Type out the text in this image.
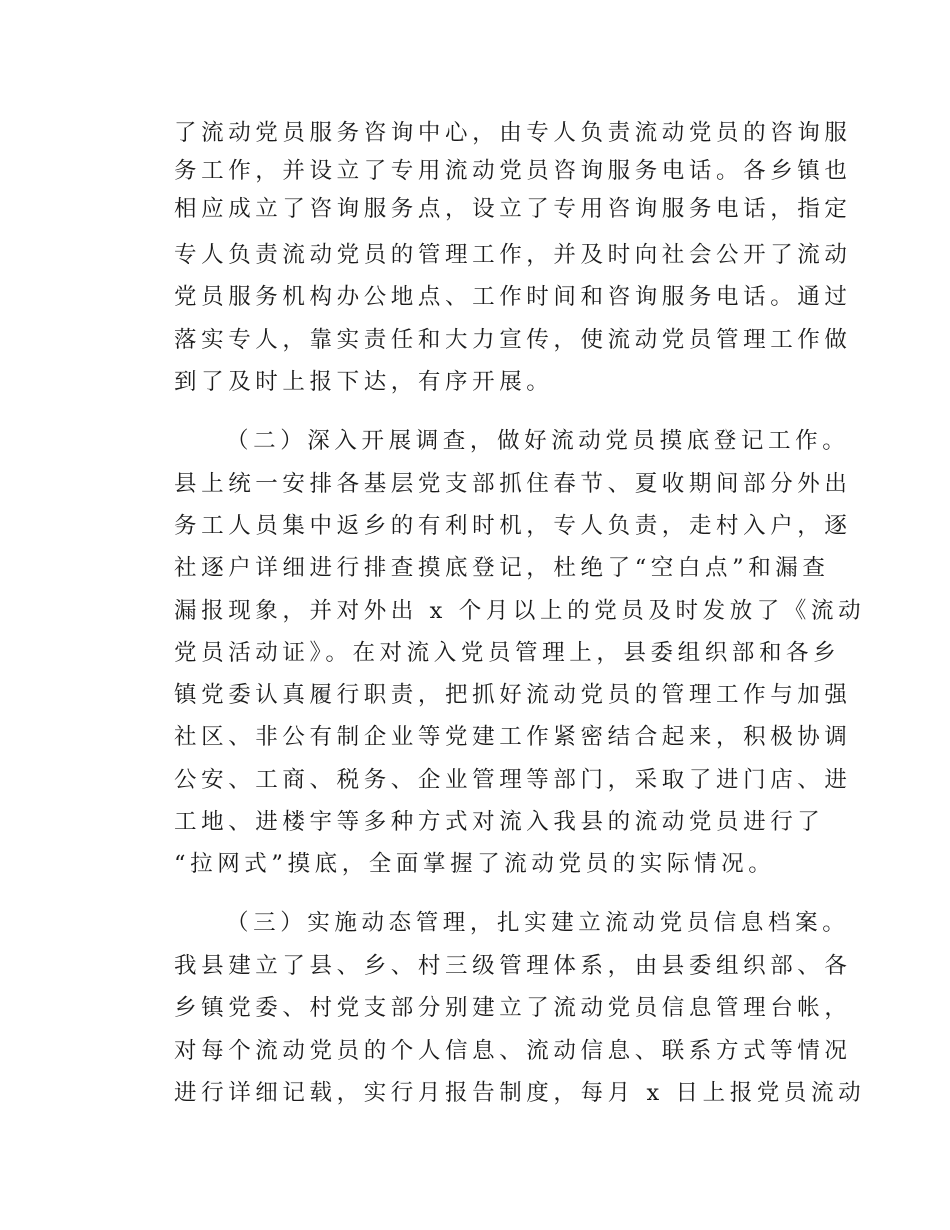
了流动党员服务咨询中心，由专人负责流动党员的咨询服
务工作，并设立了专用流动党员咨询服务电话。各乡镇也
相应成立了咨询服务点，设立了专用咨询服务电话，指定
专人负责流动党员的管理工作，并及时向社会公开了流动
党员服务机构办公地点、工作时间和咨询服务电话。通过
落实专人，靠实责任和大力宣传，使流动党员管理工作做
到了及时上报下达，有序开展。
（二）深入开展调查，做好流动党员摸底登记工作。
县上统一安排各基层党支部抓住春节、夏收期间部分外出
务工人员集中返乡的有利时机，专人负责，走村入户，逐
社逐户详细进行排查摸底登记，杜绝了“空白点”和漏查
漏报现象，并对外出 x 个月以上的党员及时发放了《流动
党员活动证》。在对流入党员管理上，县委组织部和各乡
镇党委认真履行职责，把抓好流动党员的管理工作与加强
社区、非公有制企业等党建工作紧密结合起来，积极协调
公安、工商、税务、企业管理等部门，采取了进门店、进
工地、进楼宇等多种方式对流入我县的流动党员进行了
“拉网式”摸底，全面掌握了流动党员的实际情况。
（三）实施动态管理，扎实建立流动党员信息档案。
我县建立了县、乡、村三级管理体系，由县委组织部、各
乡镇党委、村党支部分别建立了流动党员信息管理台帐，
对每个流动党员的个人信息、流动信息、联系方式等情况
进行详细记载，实行月报告制度，每月 x 日上报党员流动
